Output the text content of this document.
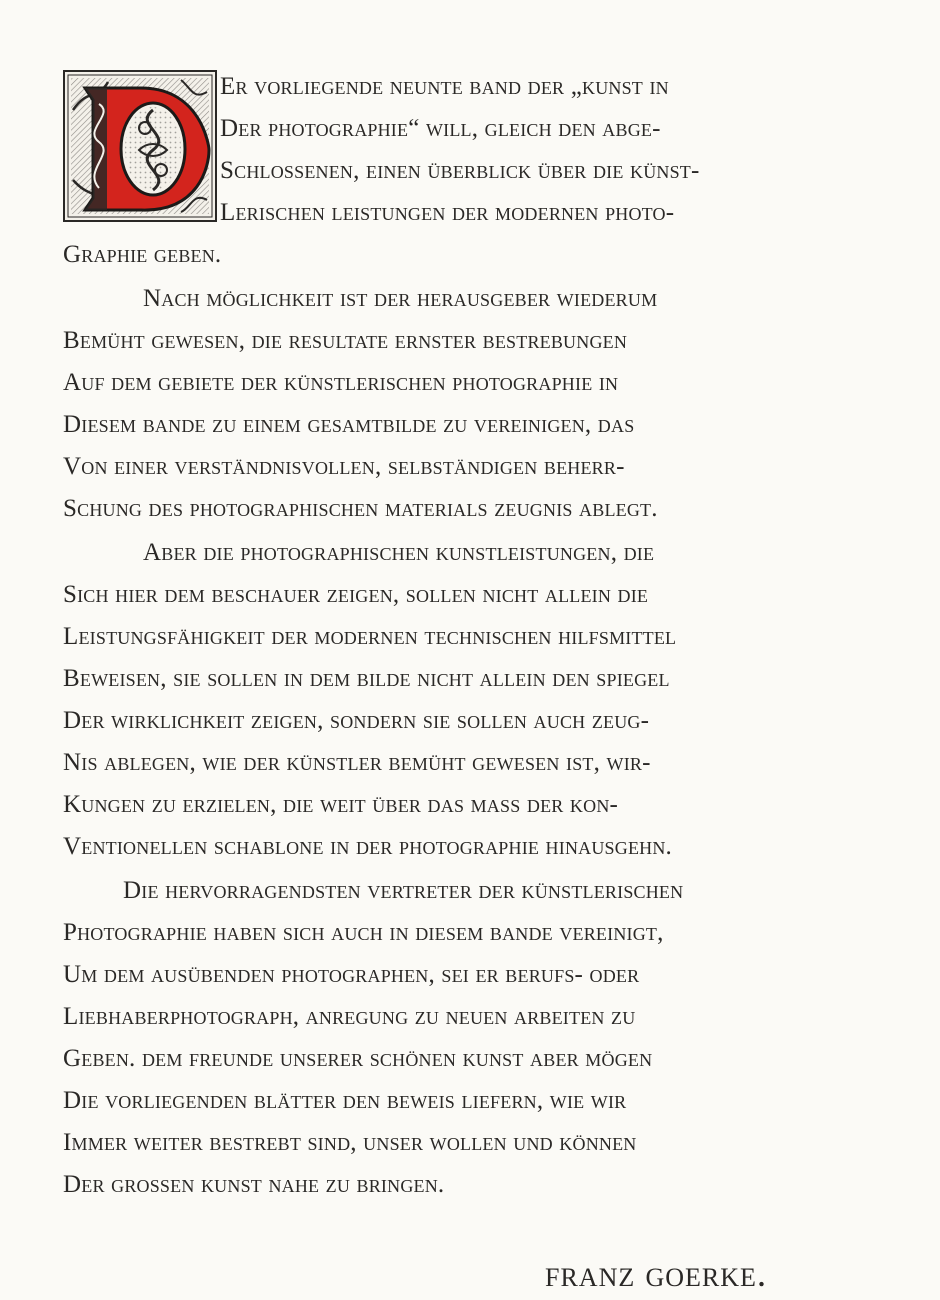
Er vorliegende neunte band der „kunst in

Der photographie“ will, gleich den abge-

Schlossenen, einen überblick über die künst-

Lerischen leistungen der modernen photo-

Graphie geben.

Nach möglichkeit ist der herausgeber wiederum

Bemüht gewesen, die resultate ernster bestrebungen

Auf dem gebiete der künstlerischen photographie in

Diesem bande zu einem gesamtbilde zu vereinigen, das

Von einer verständnisvollen, selbständigen beherr-

Schung des photographischen materials zeugnis ablegt.

Aber die photographischen kunstleistungen, die

Sich hier dem beschauer zeigen, sollen nicht allein die

Leistungsfähigkeit der modernen technischen hilfsmittel

Beweisen, sie sollen in dem bilde nicht allein den spiegel

Der wirklichkeit zeigen, sondern sie sollen auch zeug-

Nis ablegen, wie der künstler bemüht gewesen ist, wir-

Kungen zu erzielen, die weit über das mass der kon-

Ventionellen schablone in der photographie hinausgehn.

Die hervorragendsten vertreter der künstlerischen

Photographie haben sich auch in diesem bande vereinigt,

Um dem ausübenden photographen, sei er berufs- oder

Liebhaberphotograph, anregung zu neuen arbeiten zu

Geben. dem freunde unserer schönen kunst aber mögen

Die vorliegenden blätter den beweis liefern, wie wir

Immer weiter bestrebt sind, unser wollen und können

Der grossen kunst nahe zu bringen.

franz goerke.
